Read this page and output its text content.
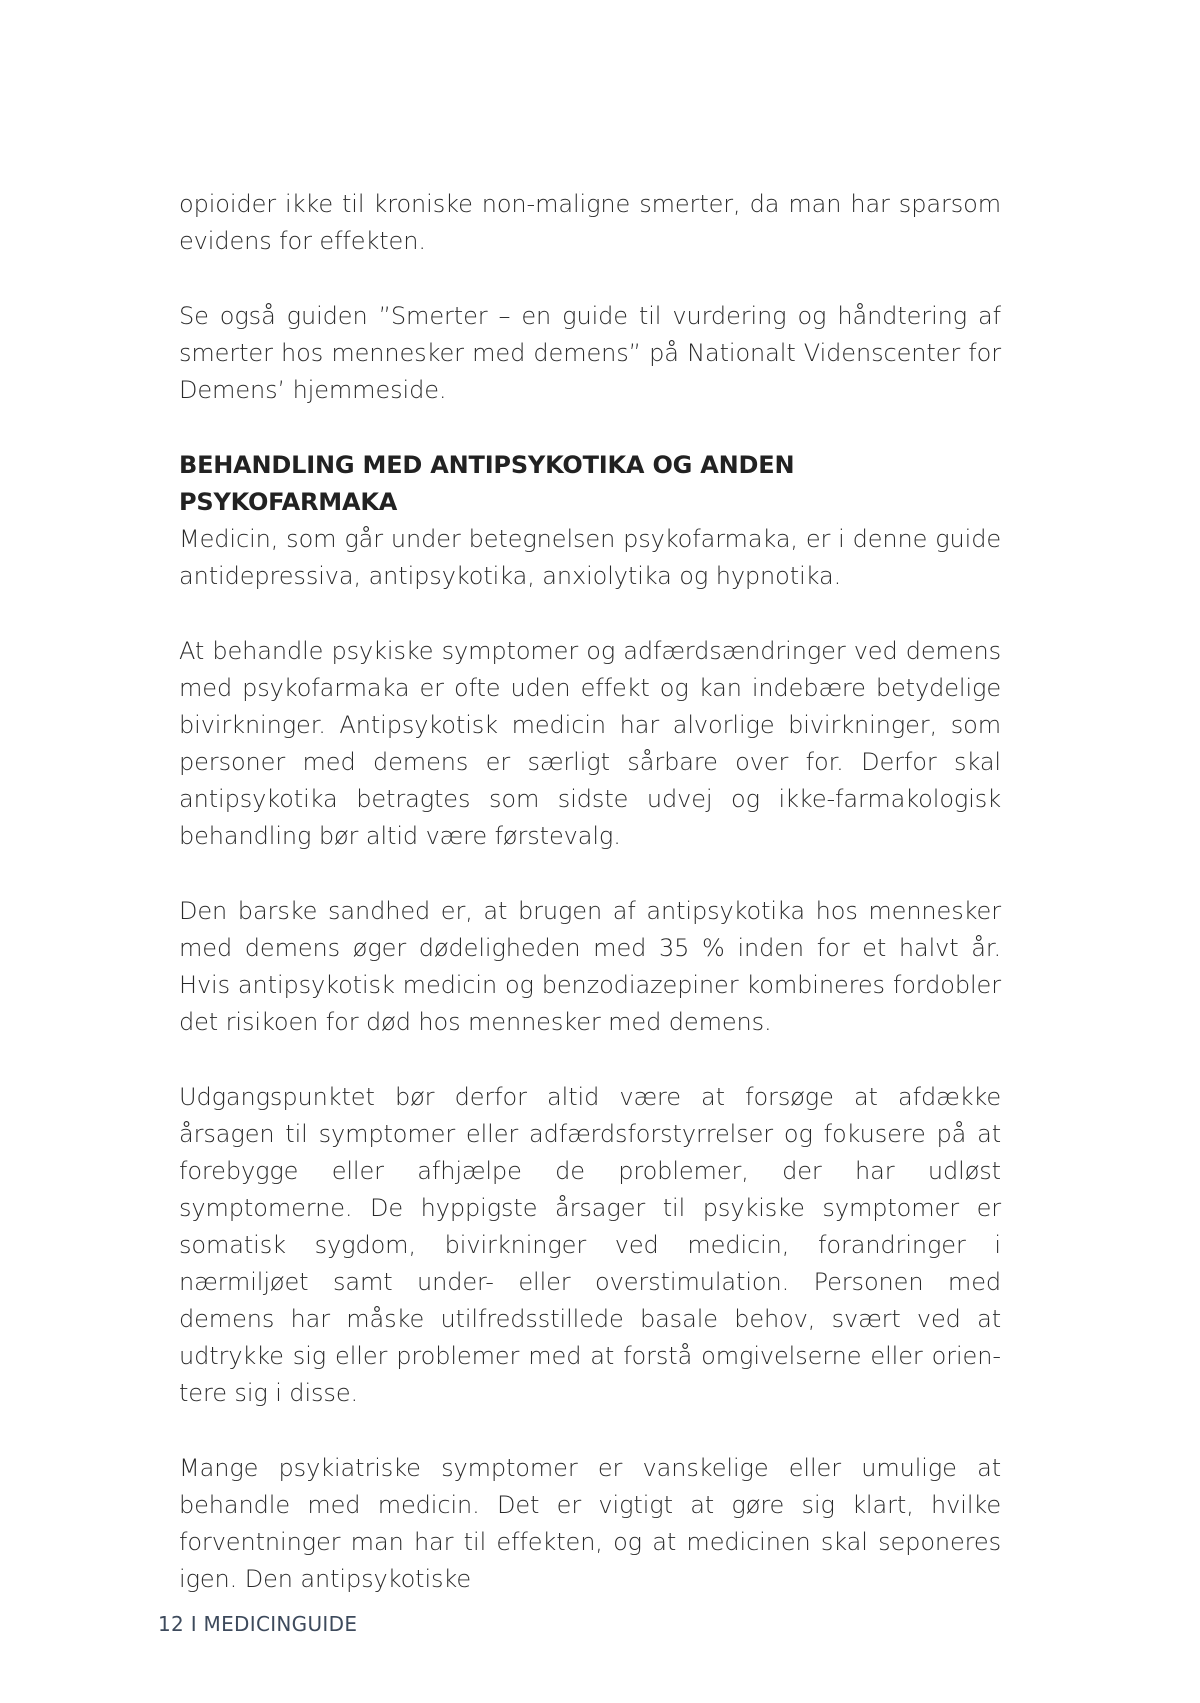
opioider ikke til kroniske non-maligne smerter, da man har sparsom evidens for effekten.

Se også guiden ”Smerter – en guide til vurdering og håndtering af smerter hos mennesker med demens” på Nationalt Videnscenter for Demens’ hjemmeside.

BEHANDLING MED ANTIPSYKOTIKA OG ANDEN PSYKOFARMAKA

Medicin, som går under betegnelsen psykofarmaka, er i denne guide antidepressiva, antipsykotika, anxiolytika og hypnotika.

At behandle psykiske symptomer og adfærdsændringer ved demens med psykofarmaka er ofte uden effekt og kan indebære betydelige bivirkninger. Antipsykotisk medicin har alvorlige bivirkninger, som personer med demens er særligt sårbare over for. Derfor skal antipsykotika betragtes som sidste udvej og ikke-farmakologisk behandling bør altid være førstevalg.

Den barske sandhed er, at brugen af antipsykotika hos mennesker med demens øger dødeligheden med 35 % inden for et halvt år. Hvis antipsykotisk medicin og benzodiazepiner kombineres fordobler det risikoen for død hos mennesker med demens.

Udgangspunktet bør derfor altid være at forsøge at afdække årsagen til symptomer eller adfærdsforstyrrelser og fokusere på at forebygge eller afhjælpe de problemer, der har udløst symptomerne. De hyppigste årsager til psykiske symptomer er somatisk sygdom, bivirkninger ved medicin, forandringer i nærmiljøet samt under- eller overstimulation. Personen med demens har måske utilfredsstillede basale behov, svært ved at udtrykke sig eller problemer med at forstå omgivelserne eller orientere sig i disse.

Mange psykiatriske symptomer er vanskelige eller umulige at behandle med medicin. Det er vigtigt at gøre sig klart, hvilke forventninger man har til effekten, og at medicinen skal seponeres igen. Den antipsykotiske

12 I MEDICINGUIDE
